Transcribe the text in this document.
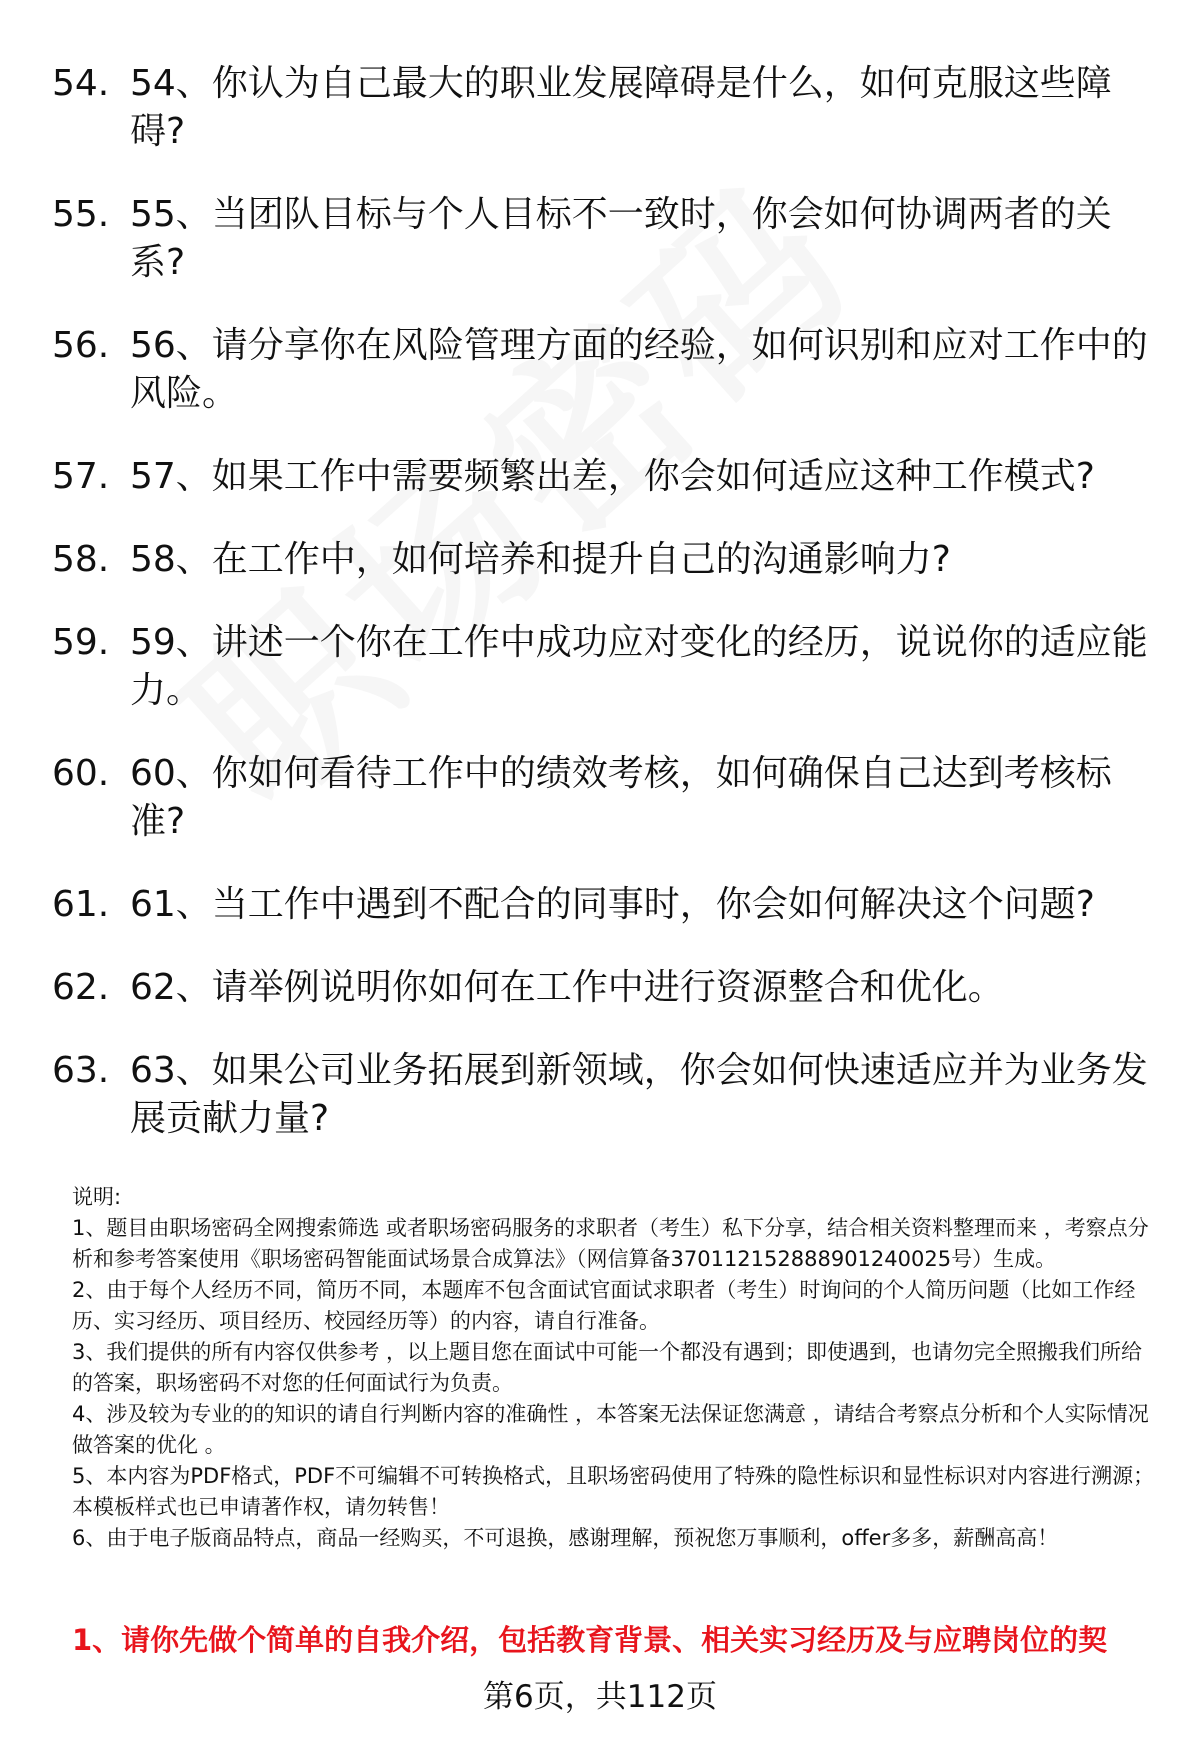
54. 54、你认为自己最大的职业发展障碍是什么，如何克服这些障碍?
55. 55、当团队目标与个人目标不一致时，你会如何协调两者的关系?
56. 56、请分享你在风险管理方面的经验，如何识别和应对工作中的风险。
57. 57、如果工作中需要频繁出差，你会如何适应这种工作模式?
58. 58、在工作中，如何培养和提升自己的沟通影响力?
59. 59、讲述一个你在工作中成功应对变化的经历，说说你的适应能力。
60. 60、你如何看待工作中的绩效考核，如何确保自己达到考核标准?
61. 61、当工作中遇到不配合的同事时，你会如何解决这个问题?
62. 62、请举例说明你如何在工作中进行资源整合和优化。
63. 63、如果公司业务拓展到新领域，你会如何快速适应并为业务发展贡献力量?

说明:

1、题目由职场密码全网搜索筛选 或者职场密码服务的求职者（考生）私下分享，结合相关资料整理而来 ，考察点分析和参考答案使用《职场密码智能面试场景合成算法》（网信算备370112152888901240025号）生成。

2、由于每个人经历不同，简历不同，本题库不包含面试官面试求职者（考生）时询问的个人简历问题（比如工作经历、实习经历、项目经历、校园经历等）的内容，请自行准备。

3、我们提供的所有内容仅供参考 ，以上题目您在面试中可能一个都没有遇到；即使遇到，也请勿完全照搬我们所给的答案，职场密码不对您的任何面试行为负责。

4、涉及较为专业的的知识的请自行判断内容的准确性 ，本答案无法保证您满意 ，请结合考察点分析和个人实际情况做答案的优化 。

5、本内容为PDF格式，PDF不可编辑不可转换格式，且职场密码使用了特殊的隐性标识和显性标识对内容进行溯源；本模板样式也已申请著作权，请勿转售！

6、由于电子版商品特点，商品一经购买，不可退换，感谢理解，预祝您万事顺利，offer多多，薪酬高高！

1、请你先做个简单的自我介绍，包括教育背景、相关实习经历及与应聘岗位的契
第6页，共112页
